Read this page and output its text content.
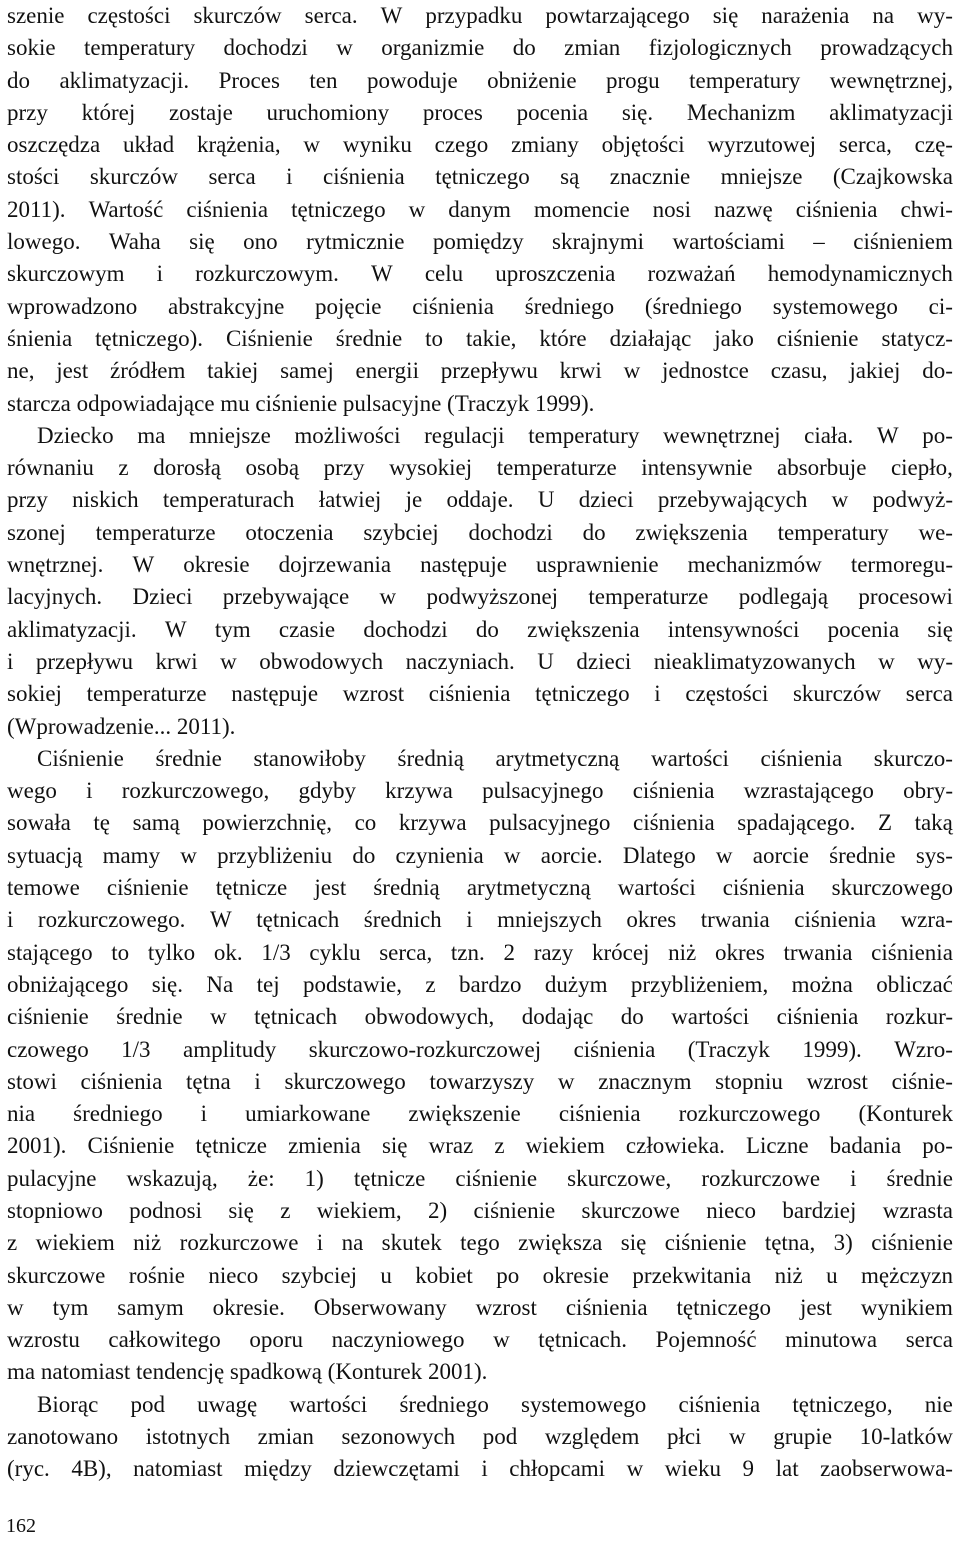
szenie częstości skurczów serca. W przypadku powtarzającego się narażenia na wy-
sokie temperatury dochodzi w organizmie do zmian fizjologicznych prowadzących
do aklimatyzacji. Proces ten powoduje obniżenie progu temperatury wewnętrznej,
przy której zostaje uruchomiony proces pocenia się. Mechanizm aklimatyzacji
oszczędza układ krążenia, w wyniku czego zmiany objętości wyrzutowej serca, czę-
stości skurczów serca i ciśnienia tętniczego są znacznie mniejsze (Czajkowska
2011). Wartość ciśnienia tętniczego w danym momencie nosi nazwę ciśnienia chwi-
lowego. Waha się ono rytmicznie pomiędzy skrajnymi wartościami – ciśnieniem
skurczowym i rozkurczowym. W celu uproszczenia rozważań hemodynamicznych
wprowadzono abstrakcyjne pojęcie ciśnienia średniego (średniego systemowego ci-
śnienia tętniczego). Ciśnienie średnie to takie, które działając jako ciśnienie statycz-
ne, jest źródłem takiej samej energii przepływu krwi w jednostce czasu, jakiej do-
starcza odpowiadające mu ciśnienie pulsacyjne (Traczyk 1999).
Dziecko ma mniejsze możliwości regulacji temperatury wewnętrznej ciała. W po-
równaniu z dorosłą osobą przy wysokiej temperaturze intensywnie absorbuje ciepło,
przy niskich temperaturach łatwiej je oddaje. U dzieci przebywających w podwyż-
szonej temperaturze otoczenia szybciej dochodzi do zwiększenia temperatury we-
wnętrznej. W okresie dojrzewania następuje usprawnienie mechanizmów termoregu-
lacyjnych. Dzieci przebywające w podwyższonej temperaturze podlegają procesowi
aklimatyzacji. W tym czasie dochodzi do zwiększenia intensywności pocenia się
i przepływu krwi w obwodowych naczyniach. U dzieci nieaklimatyzowanych w wy-
sokiej temperaturze następuje wzrost ciśnienia tętniczego i częstości skurczów serca
(Wprowadzenie... 2011).
Ciśnienie średnie stanowiłoby średnią arytmetyczną wartości ciśnienia skurczo-
wego i rozkurczowego, gdyby krzywa pulsacyjnego ciśnienia wzrastającego obry-
sowała tę samą powierzchnię, co krzywa pulsacyjnego ciśnienia spadającego. Z taką
sytuacją mamy w przybliżeniu do czynienia w aorcie. Dlatego w aorcie średnie sys-
temowe ciśnienie tętnicze jest średnią arytmetyczną wartości ciśnienia skurczowego
i rozkurczowego. W tętnicach średnich i mniejszych okres trwania ciśnienia wzra-
stającego to tylko ok. 1/3 cyklu serca, tzn. 2 razy krócej niż okres trwania ciśnienia
obniżającego się. Na tej podstawie, z bardzo dużym przybliżeniem, można obliczać
ciśnienie średnie w tętnicach obwodowych, dodając do wartości ciśnienia rozkur-
czowego 1/3 amplitudy skurczowo-rozkurczowej ciśnienia (Traczyk 1999). Wzro-
stowi ciśnienia tętna i skurczowego towarzyszy w znacznym stopniu wzrost ciśnie-
nia średniego i umiarkowane zwiększenie ciśnienia rozkurczowego (Konturek
2001). Ciśnienie tętnicze zmienia się wraz z wiekiem człowieka. Liczne badania po-
pulacyjne wskazują, że: 1) tętnicze ciśnienie skurczowe, rozkurczowe i średnie
stopniowo podnosi się z wiekiem, 2) ciśnienie skurczowe nieco bardziej wzrasta
z wiekiem niż rozkurczowe i na skutek tego zwiększa się ciśnienie tętna, 3) ciśnienie
skurczowe rośnie nieco szybciej u kobiet po okresie przekwitania niż u mężczyzn
w tym samym okresie. Obserwowany wzrost ciśnienia tętniczego jest wynikiem
wzrostu całkowitego oporu naczyniowego w tętnicach. Pojemność minutowa serca
ma natomiast tendencję spadkową (Konturek 2001).
Biorąc pod uwagę wartości średniego systemowego ciśnienia tętniczego, nie
zanotowano istotnych zmian sezonowych pod względem płci w grupie 10-latków
(ryc. 4B), natomiast między dziewczętami i chłopcami w wieku 9 lat zaobserwowa-
162
